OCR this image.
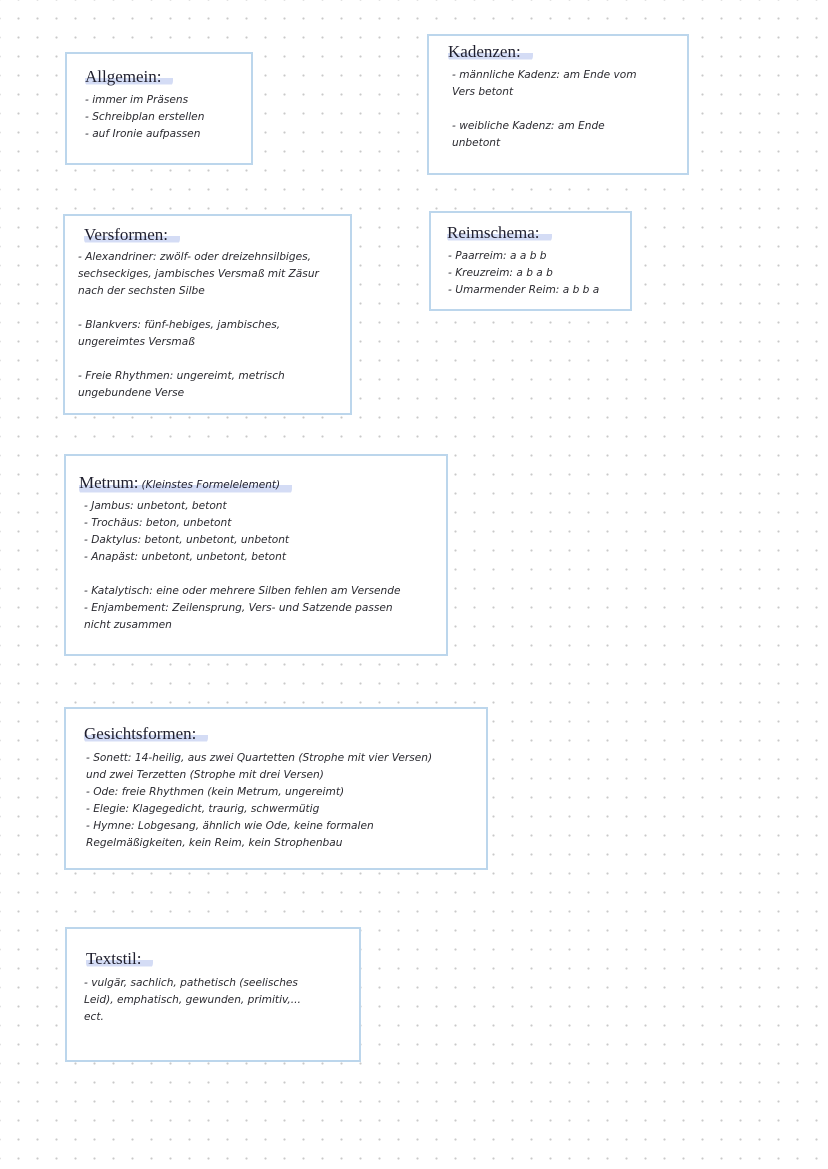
Allgemein:
- immer im Präsens
- Schreibplan erstellen
- auf Ironie aufpassen
Kadenzen:
- männliche Kadenz: am Ende vom
Vers betont
- weibliche Kadenz: am Ende
unbetont
Versformen:
- Alexandriner: zwölf- oder dreizehnsilbiges,
sechseckiges, jambisches Versmaß mit Zäsur
nach der sechsten Silbe
- Blankvers: fünf-hebiges, jambisches,
ungereimtes Versmaß
- Freie Rhythmen: ungereimt, metrisch
ungebundene Verse
Reimschema:
- Paarreim: a a b b
- Kreuzreim: a b a b
- Umarmender Reim: a b b a
Metrum: (Kleinstes Formelelement)
- Jambus: unbetont, betont
- Trochäus: beton, unbetont
- Daktylus: betont, unbetont, unbetont
- Anapäst: unbetont, unbetont, betont
- Katalytisch: eine oder mehrere Silben fehlen am Versende
- Enjambement: Zeilensprung, Vers- und Satzende passen
nicht zusammen
Gesichtsformen:
- Sonett: 14-heilig, aus zwei Quartetten (Strophe mit vier Versen)
und zwei Terzetten (Strophe mit drei Versen)
- Ode: freie Rhythmen (kein Metrum, ungereimt)
- Elegie: Klagegedicht, traurig, schwermütig
- Hymne: Lobgesang, ähnlich wie Ode, keine formalen
Regelmäßigkeiten, kein Reim, kein Strophenbau
Textstil:
- vulgär, sachlich, pathetisch (seelisches
Leid), emphatisch, gewunden, primitiv,...
ect.
